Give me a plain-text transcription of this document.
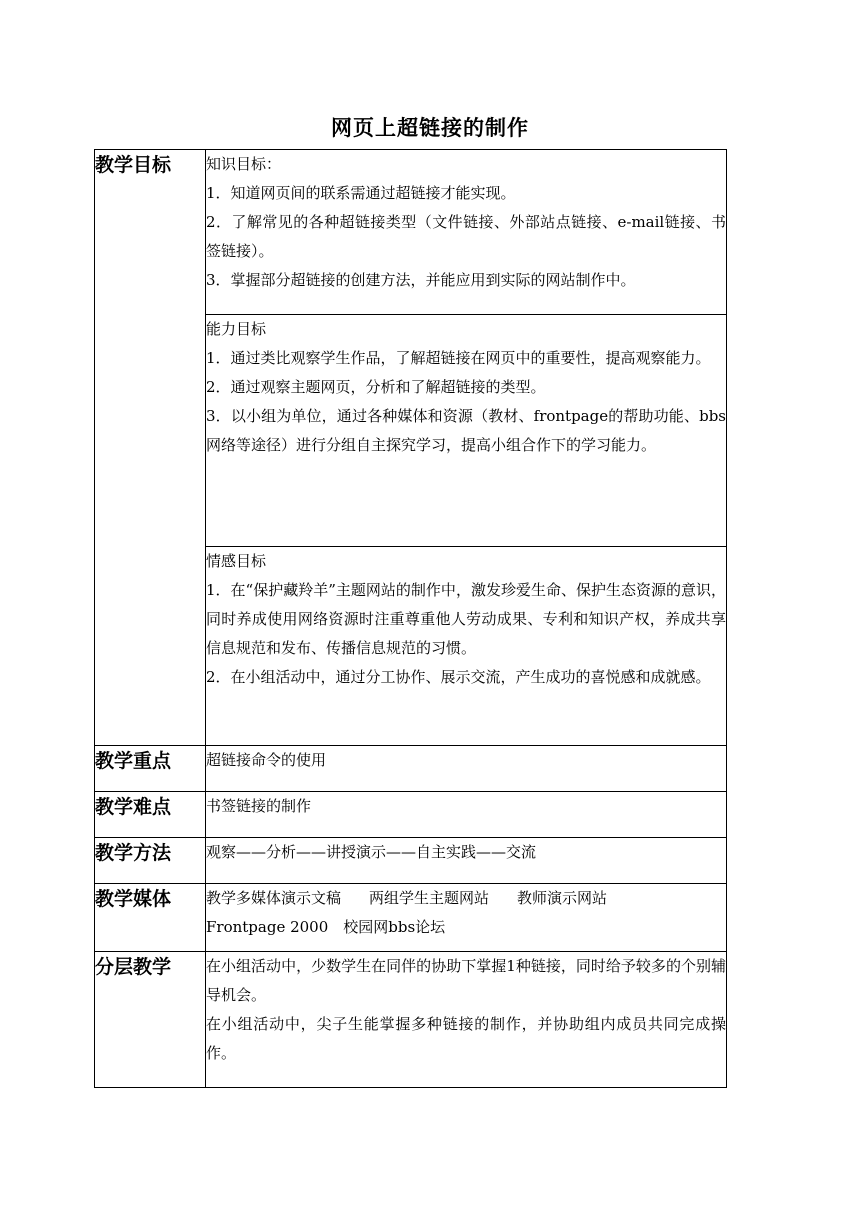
网页上超链接的制作
教学目标	知识目标：

1．知道网页间的联系需通过超链接才能实现。

2．了解常见的各种超链接类型（文件链接、外部站点链接、e-mail链接、书签链接）。

3．掌握部分超链接的创建方法，并能应用到实际的网站制作中。

	能力目标

1．通过类比观察学生作品，了解超链接在网页中的重要性，提高观察能力。

2．通过观察主题网页，分析和了解超链接的类型。

3．以小组为单位，通过各种媒体和资源（教材、frontpage的帮助功能、bbs网络等途径）进行分组自主探究学习，提高小组合作下的学习能力。

	情感目标

1．在“保护藏羚羊”主题网站的制作中，激发珍爱生命、保护生态资源的意识，同时养成使用网络资源时注重尊重他人劳动成果、专利和知识产权，养成共享信息规范和发布、传播信息规范的习惯。

2．在小组活动中，通过分工协作、展示交流，产生成功的喜悦感和成就感。

教学重点	超链接命令的使用

教学难点	书签链接的制作

教学方法	观察——分析——讲授演示——自主实践——交流

教学媒体	教学多媒体演示文稿 两组学生主题网站 教师演示网站

Frontpage 2000　校园网bbs论坛

分层教学	在小组活动中，少数学生在同伴的协助下掌握1种链接，同时给予较多的个别辅导机会。

在小组活动中，尖子生能掌握多种链接的制作，并协助组内成员共同完成操作。
